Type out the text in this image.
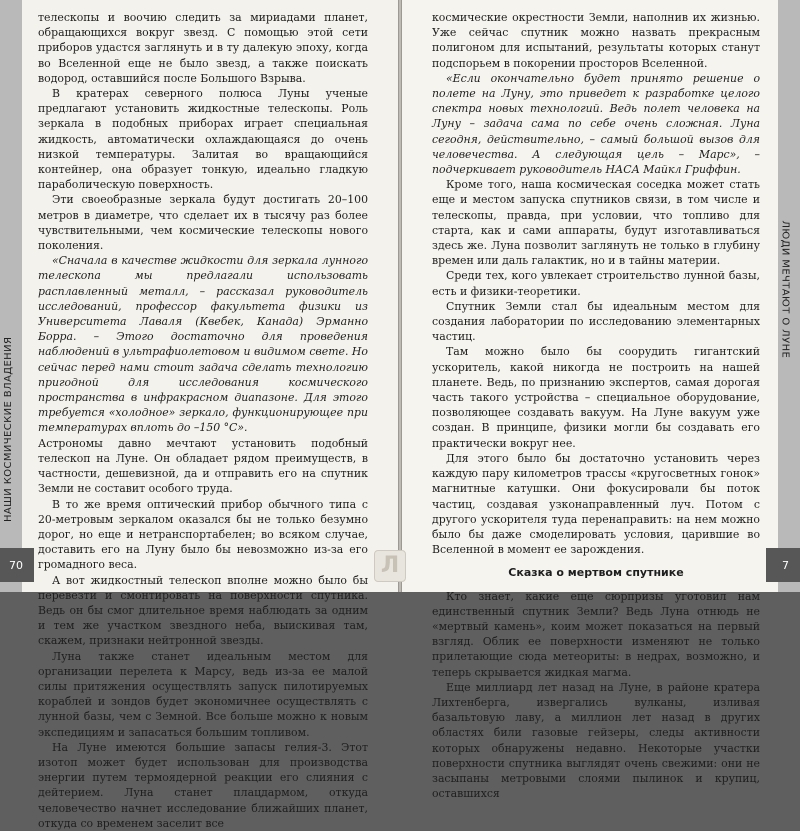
НАШИ КОСМИЧЕСКИЕ ВЛАДЕНИЯ
70

телескопы и воочию следить за мириадами планет, обращающихся вокруг звезд. С помощью этой сети приборов удастся заглянуть и в ту далекую эпоху, когда во Вселенной еще не было звезд, а также поискать водород, оставшийся после Большого Взрыва.

В кратерах северного полюса Луны ученые предлагают установить жидкостные телескопы. Роль зеркала в подобных приборах играет специальная жидкость, автоматически охлаждающаяся до очень низкой температуры. Залитая во вращающийся контейнер, она образует тонкую, идеально гладкую параболическую поверхность.

Эти своеобразные зеркала будут достигать 20–100 метров в диаметре, что сделает их в тысячу раз более чувствительными, чем космические телескопы нового поколения.

«Сначала в качестве жидкости для зеркала лунного телескопа мы предлагали использовать расплавленный металл, – рассказал руководитель исследований, профессор факультета физики из Университета Лаваля (Квебек, Канада) Эрманно Борра. – Этого достаточно для проведения наблюдений в ультрафиолетовом и видимом свете. Но сейчас перед нами стоит задача сделать технологию пригодной для исследования космического пространства в инфракрасном диапазоне. Для этого требуется «холодное» зеркало, функционирующее при температурах вплоть до –150 °С».

Астрономы давно мечтают установить подобный телескоп на Луне. Он обладает рядом преимуществ, в частности, дешевизной, да и отправить его на спутник Земли не составит особого труда.

В то же время оптический прибор обычного типа с 20-метровым зеркалом оказался бы не только безумно дорог, но еще и нетранспортабелен; во всяком случае, доставить его на Луну было бы невозможно из-за его громадного веса.

А вот жидкостный телескоп вполне можно было бы перевезти и смонтировать на поверхности спутника. Ведь он бы смог длительное время наблюдать за одним и тем же участком звездного неба, выискивая там, скажем, признаки нейтронной звезды.

Луна также станет идеальным местом для организации перелета к Марсу, ведь из-за ее малой силы притяжения осуществлять запуск пилотируемых кораблей и зондов будет экономичнее осуществлять с лунной базы, чем с Земной. Все больше можно к новым экспедициям и запасаться большим топливом.

На Луне имеются большие запасы гелия-3. Этот изотоп может будет использован для производства энергии путем термоядерной реакции его слияния с дейтерием. Луна станет плацдармом, откуда человечество начнет исследование ближайших планет, откуда со временем заселит все

космические окрестности Земли, наполнив их жизнью. Уже сейчас спутник можно назвать прекрасным полигоном для испытаний, результаты которых станут подспорьем в покорении просторов Вселенной.

«Если окончательно будет принято решение о полете на Луну, это приведет к разработке целого спектра новых технологий. Ведь полет человека на Луну – задача сама по себе очень сложная. Луна сегодня, действительно, – самый большой вызов для человечества. А следующая цель – Марс», – подчеркивает руководитель НАСА Майкл Гриффин.

Кроме того, наша космическая соседка может стать еще и местом запуска спутников связи, в том числе и телескопы, правда, при условии, что топливо для старта, как и сами аппараты, будут изготавливаться здесь же. Луна позволит заглянуть не только в глубину времен или даль галактик, но и в тайны материи.

Среди тех, кого увлекает строительство лунной базы, есть и физики-теоретики.

Спутник Земли стал бы идеальным местом для создания лаборатории по исследованию элементарных частиц.

Там можно было бы соорудить гигантский ускоритель, какой никогда не построить на нашей планете. Ведь, по признанию экспертов, самая дорогая часть такого устройства – специальное оборудование, позволяющее создавать вакуум. На Луне вакуум уже создан. В принципе, физики могли бы создавать его практически вокруг нее.

Для этого было бы достаточно установить через каждую пару километров трассы «кругосветных гонок» магнитные катушки. Они фокусировали бы поток частиц, создавая узконаправленный луч. Потом с другого ускорителя туда перенаправить: на нем можно было бы даже смоделировать условия, царившие во Вселенной в момент ее зарождения.

Сказка о мертвом спутнике

Кто знает, какие еще сюрпризы уготовил нам единственный спутник Земли? Ведь Луна отнюдь не «мертвый камень», коим может показаться на первый взгляд. Облик ее поверхности изменяют не только прилетающие сюда метеориты: в недрах, возможно, и теперь скрывается жидкая магма.

Еще миллиард лет назад на Луне, в районе кратера Лихтенберга, извергались вулканы, изливая базальтовую лаву, а миллион лет назад в других областях били газовые гейзеры, следы активности которых обнаружены недавно. Некоторые участки поверхности спутника выглядят очень свежими: они не засыпаны метровыми слоями пылинок и крупиц, оставшихся

ЛЮДИ МЕЧТАЮТ О ЛУНЕ
7
Л
